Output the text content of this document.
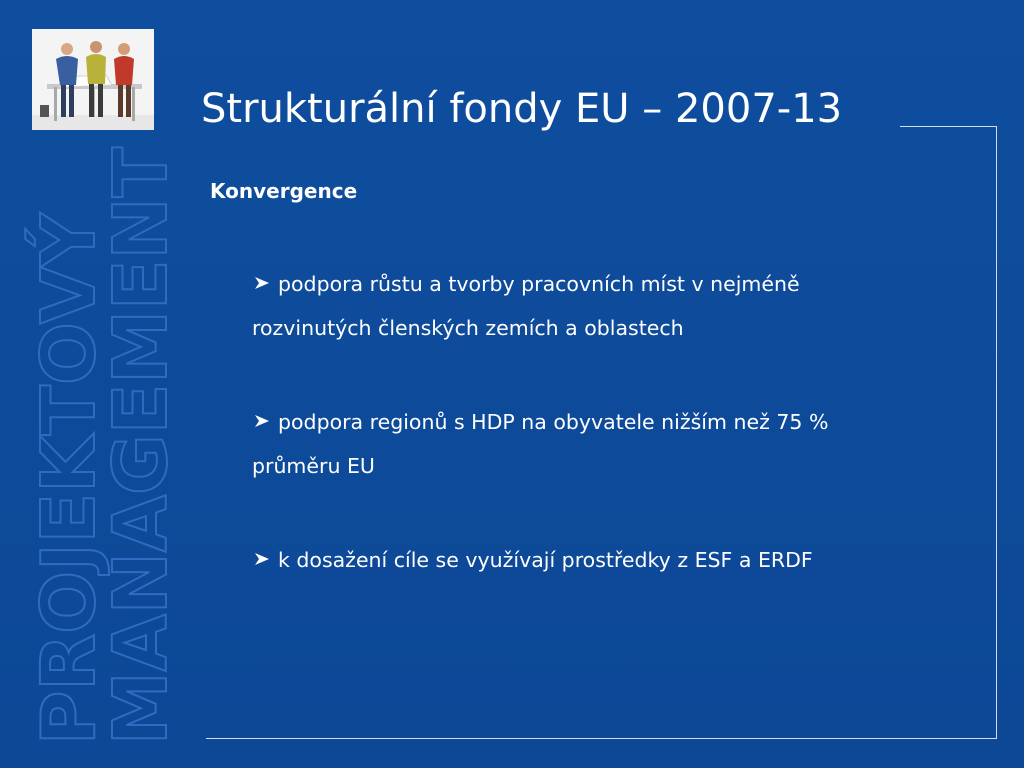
PROJEKTOVÝ
MANAGEMENT
Strukturální fondy EU – 2007-13
Konvergence
podpora růstu a tvorby pracovních míst v nejméně
rozvinutých členských zemích a oblastech
podpora regionů s HDP na obyvatele nižším než 75 %
průměru EU
k dosažení cíle se využívají prostředky z ESF a ERDF
